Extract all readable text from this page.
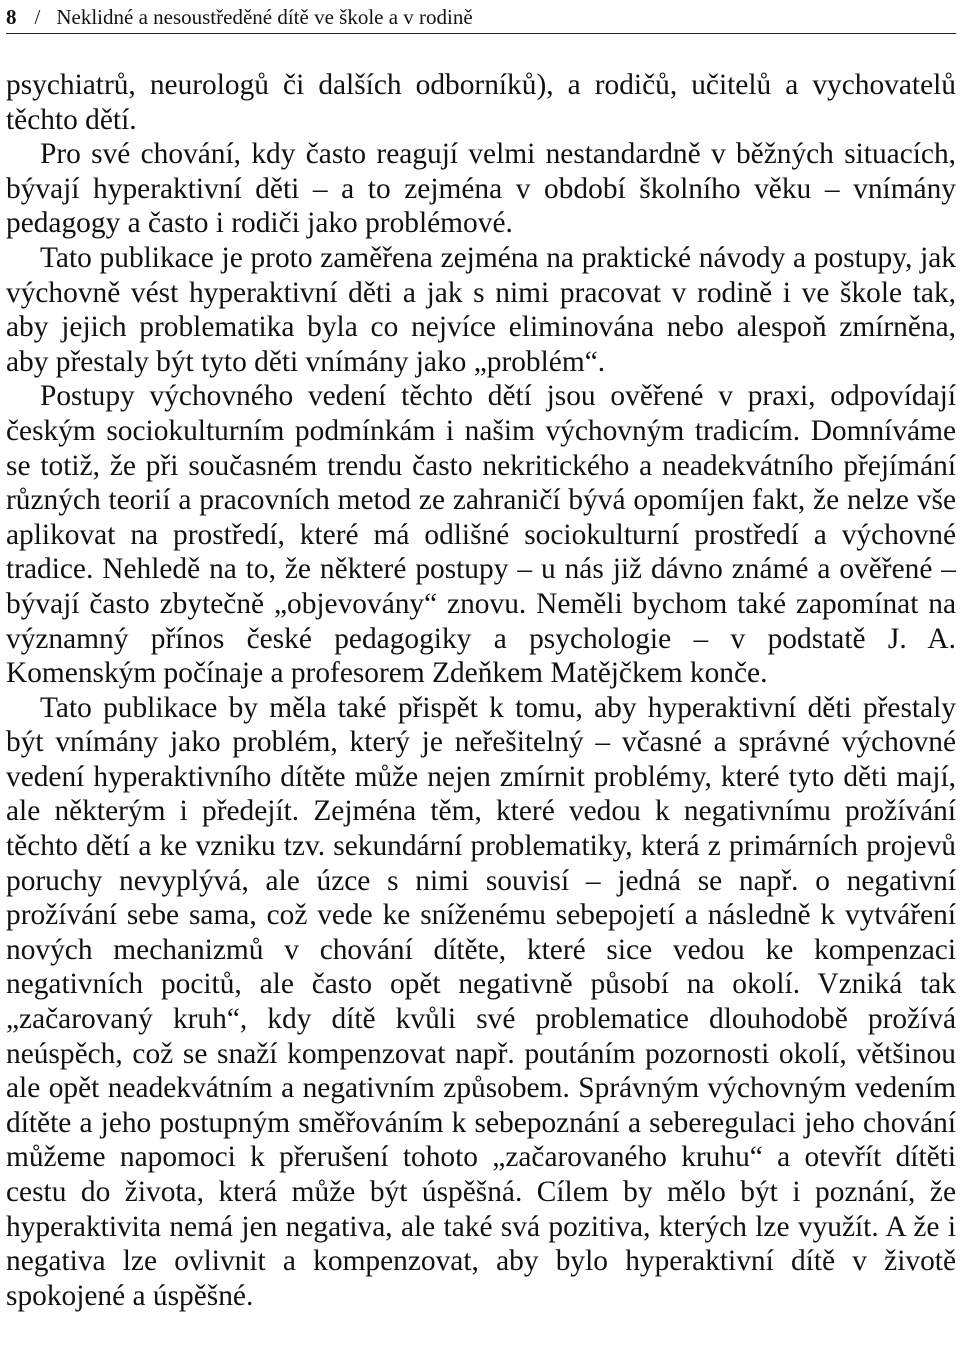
8 / Neklidné a nesoustředěné dítě ve škole a v rodině

psychiatrů, neurologů či dalších odborníků), a rodičů, učitelů a vychovatelů těchto dětí.

Pro své chování, kdy často reagují velmi nestandardně v běžných situacích, bývají hyperaktivní děti – a to zejména v období školního věku – vnímány pedagogy a často i rodiči jako problémové.

Tato publikace je proto zaměřena zejména na praktické návody a postupy, jak výchovně vést hyperaktivní děti a jak s nimi pracovat v rodině i ve škole tak, aby jejich problematika byla co nejvíce eliminována nebo alespoň zmírněna, aby přestaly být tyto děti vnímány jako „problém“.

Postupy výchovného vedení těchto dětí jsou ověřené v praxi, odpovídají českým sociokulturním podmínkám i našim výchovným tradicím. Domníváme se totiž, že při současném trendu často nekritického a neadekvátního přejímání různých teorií a pracovních metod ze zahraničí bývá opomíjen fakt, že nelze vše aplikovat na prostředí, které má odlišné sociokulturní prostředí a výchovné tradice. Nehledě na to, že některé postupy – u nás již dávno známé a ověřené – bývají často zbytečně „objevovány“ znovu. Neměli bychom také zapomínat na významný přínos české pedagogiky a psychologie – v podstatě J. A. Komenským počínaje a profesorem Zdeňkem Matějčkem konče.

Tato publikace by měla také přispět k tomu, aby hyperaktivní děti přestaly být vnímány jako problém, který je neřešitelný – včasné a správné výchovné vedení hyperaktivního dítěte může nejen zmírnit problémy, které tyto děti mají, ale některým i předejít. Zejména těm, které vedou k negativnímu prožívání těchto dětí a ke vzniku tzv. sekundární problematiky, která z primárních projevů poruchy nevyplývá, ale úzce s nimi souvisí – jedná se např. o negativní prožívání sebe sama, což vede ke sníženému sebepojetí a následně k vytváření nových mechanizmů v chování dítěte, které sice vedou ke kompenzaci negativních pocitů, ale často opět negativně působí na okolí. Vzniká tak „začarovaný kruh“, kdy dítě kvůli své problematice dlouhodobě prožívá neúspěch, což se snaží kompenzovat např. poutáním pozornosti okolí, většinou ale opět neadekvátním a negativním způsobem. Správným výchovným vedením dítěte a jeho postupným směřováním k sebepoznání a seberegulaci jeho chování můžeme napomoci k přerušení tohoto „začarovaného kruhu“ a otevřít dítěti cestu do života, která může být úspěšná. Cílem by mělo být i poznání, že hyperaktivita nemá jen negativa, ale také svá pozitiva, kterých lze využít. A že i negativa lze ovlivnit a kompenzovat, aby bylo hyperaktivní dítě v životě spokojené a úspěšné.
